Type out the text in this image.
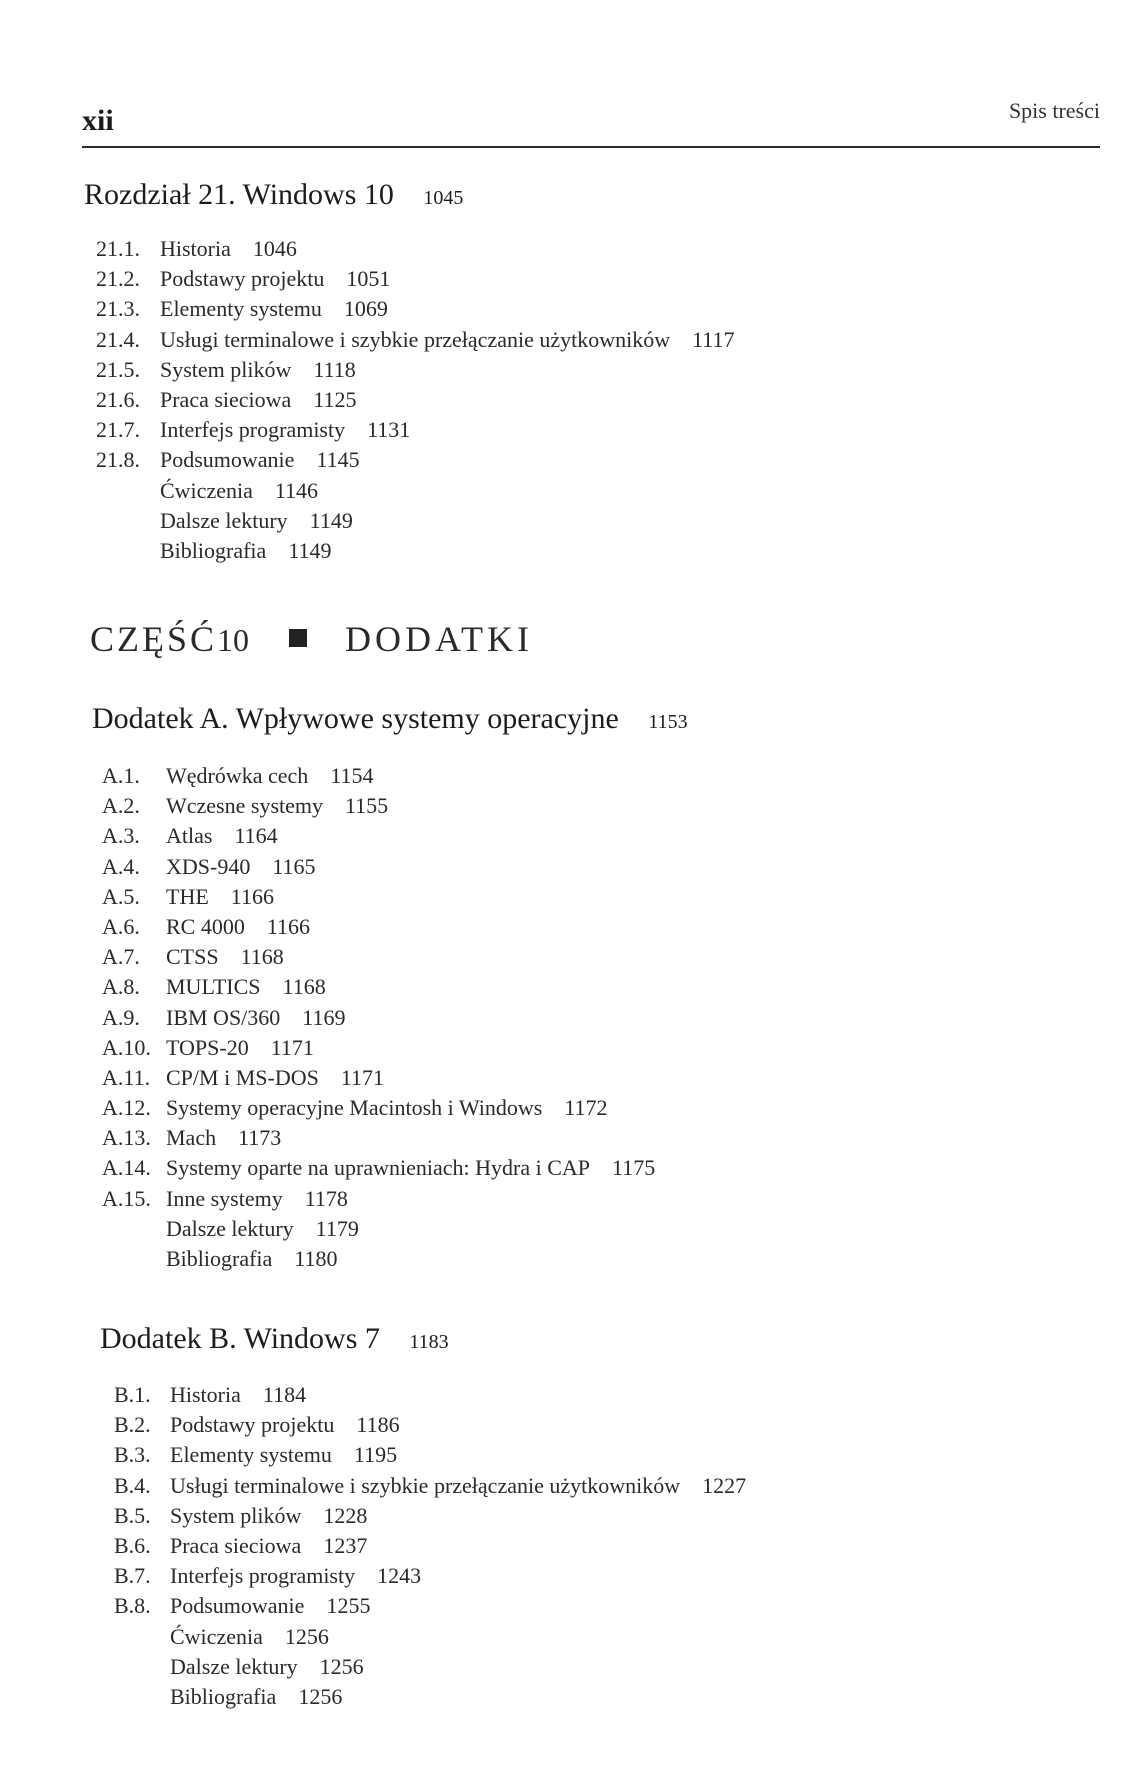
xii	Spis treści
Rozdział 21. Windows 10 1045
21.1. Historia 1046
21.2. Podstawy projektu 1051
21.3. Elementy systemu 1069
21.4. Usługi terminalowe i szybkie przełączanie użytkowników 1117
21.5. System plików 1118
21.6. Praca sieciowa 1125
21.7. Interfejs programisty 1131
21.8. Podsumowanie 1145
Ćwiczenia 1146
Dalsze lektury 1149
Bibliografia 1149
CZĘŚĆ10	DODATKI
Dodatek A. Wpływowe systemy operacyjne 1153
A.1. Wędrówka cech 1154
A.2. Wczesne systemy 1155
A.3. Atlas 1164
A.4. XDS-940 1165
A.5. THE 1166
A.6. RC 4000 1166
A.7. CTSS 1168
A.8. MULTICS 1168
A.9. IBM OS/360 1169
A.10. TOPS-20 1171
A.11. CP/M i MS-DOS 1171
A.12. Systemy operacyjne Macintosh i Windows 1172
A.13. Mach 1173
A.14. Systemy oparte na uprawnieniach: Hydra i CAP 1175
A.15. Inne systemy 1178
Dalsze lektury 1179
Bibliografia 1180
Dodatek B. Windows 7 1183
B.1. Historia 1184
B.2. Podstawy projektu 1186
B.3. Elementy systemu 1195
B.4. Usługi terminalowe i szybkie przełączanie użytkowników 1227
B.5. System plików 1228
B.6. Praca sieciowa 1237
B.7. Interfejs programisty 1243
B.8. Podsumowanie 1255
Ćwiczenia 1256
Dalsze lektury 1256
Bibliografia 1256
